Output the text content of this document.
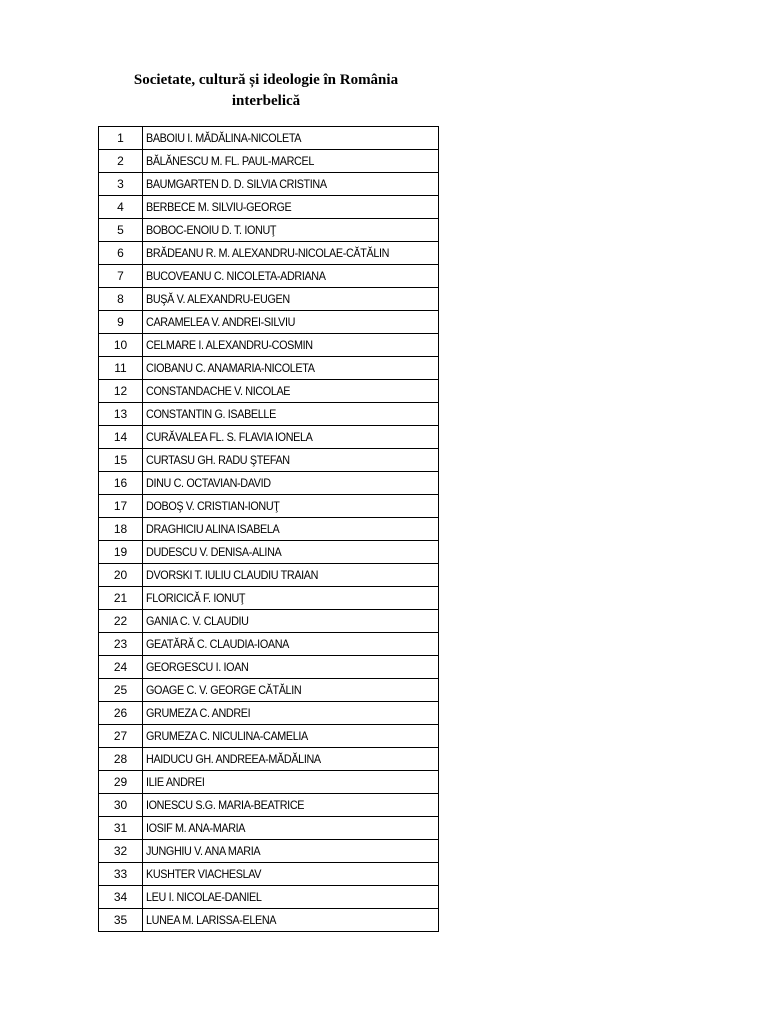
Societate, cultură și ideologie în România
interbelică
1	BABOIU I. MĂDĂLINA-NICOLETA
2	BĂLĂNESCU M. FL. PAUL-MARCEL
3	BAUMGARTEN D. D. SILVIA CRISTINA
4	BERBECE M. SILVIU-GEORGE
5	BOBOC-ENOIU D. T. IONUŢ
6	BRĂDEANU R. M. ALEXANDRU-NICOLAE-CĂTĂLIN
7	BUCOVEANU C. NICOLETA-ADRIANA
8	BUŞĂ V. ALEXANDRU-EUGEN
9	CARAMELEA V. ANDREI-SILVIU
10	CELMARE I. ALEXANDRU-COSMIN
11	CIOBANU C. ANAMARIA-NICOLETA
12	CONSTANDACHE V. NICOLAE
13	CONSTANTIN G. ISABELLE
14	CURĂVALEA FL. S. FLAVIA IONELA
15	CURTASU GH. RADU ŞTEFAN
16	DINU C. OCTAVIAN-DAVID
17	DOBOŞ V. CRISTIAN-IONUŢ
18	DRAGHICIU ALINA ISABELA
19	DUDESCU V. DENISA-ALINA
20	DVORSKI T. IULIU CLAUDIU TRAIAN
21	FLORICICĂ F. IONUŢ
22	GANIA C. V. CLAUDIU
23	GEATĂRĂ C. CLAUDIA-IOANA
24	GEORGESCU I. IOAN
25	GOAGE C. V. GEORGE CĂTĂLIN
26	GRUMEZA C. ANDREI
27	GRUMEZA C. NICULINA-CAMELIA
28	HAIDUCU GH. ANDREEA-MĂDĂLINA
29	ILIE ANDREI
30	IONESCU S.G. MARIA-BEATRICE
31	IOSIF M. ANA-MARIA
32	JUNGHIU V. ANA MARIA
33	KUSHTER VIACHESLAV
34	LEU I. NICOLAE-DANIEL
35	LUNEA M. LARISSA-ELENA
